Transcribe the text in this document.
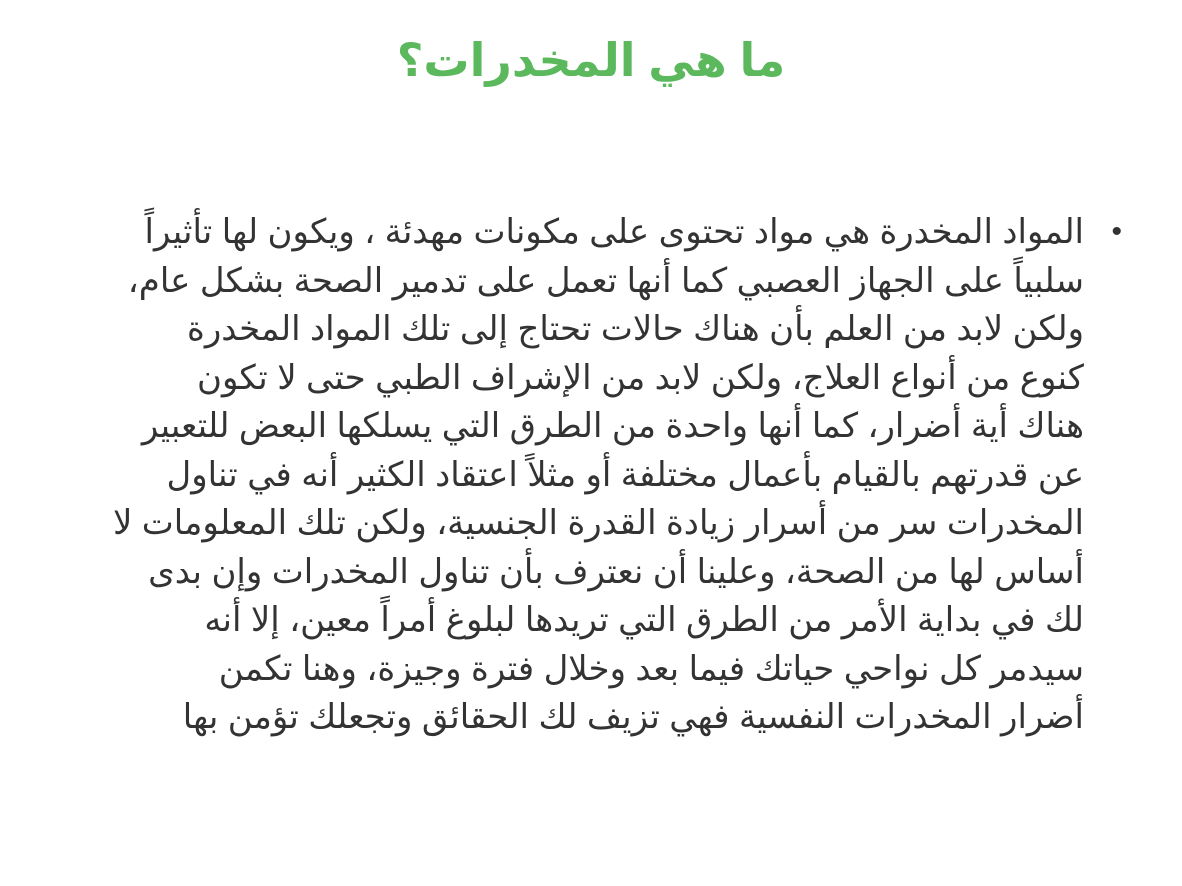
ما هي المخدرات؟
•
المواد المخدرة هي مواد تحتوى على مكونات مهدئة ، ويكون لها تأثيراً
سلبياً على الجهاز العصبي كما أنها تعمل على تدمير الصحة بشكل عام،
ولكن لابد من العلم بأن هناك حالات تحتاج إلى تلك المواد المخدرة
كنوع من أنواع العلاج، ولكن لابد من الإشراف الطبي حتى لا تكون
هناك أية أضرار، كما أنها واحدة من الطرق التي يسلكها البعض للتعبير
عن قدرتهم بالقيام بأعمال مختلفة أو مثلاً اعتقاد الكثير أنه في تناول
المخدرات سر من أسرار زيادة القدرة الجنسية، ولكن تلك المعلومات لا
أساس لها من الصحة، وعلينا أن نعترف بأن تناول المخدرات وإن بدى
لك في بداية الأمر من الطرق التي تريدها لبلوغ أمراً معين، إلا أنه
سيدمر كل نواحي حياتك فيما بعد وخلال فترة وجيزة، وهنا تكمن
أضرار المخدرات النفسية فهي تزيف لك الحقائق وتجعلك تؤمن بها
